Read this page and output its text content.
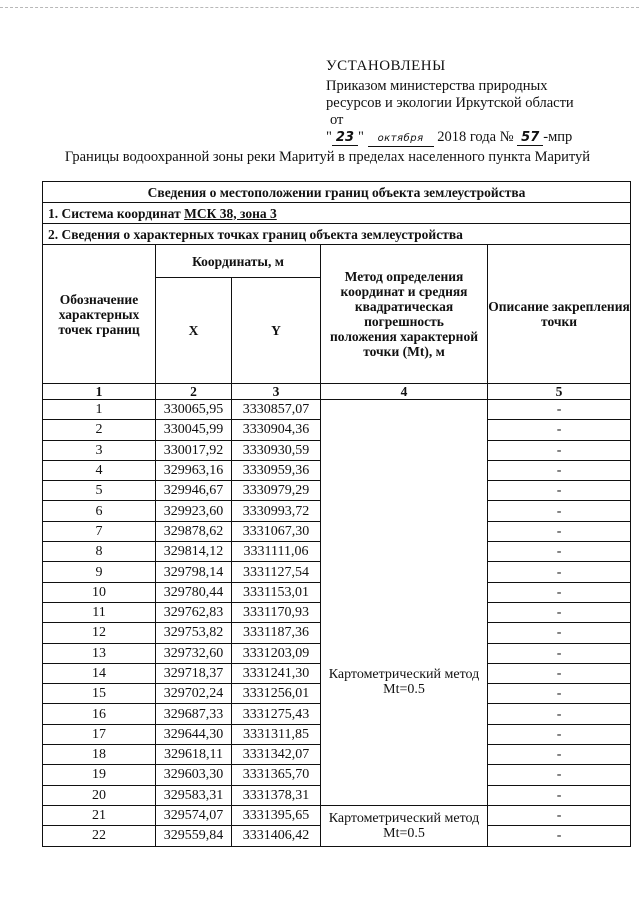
УСТАНОВЛЕНЫ
Приказом министерства природных
ресурсов и экологии Иркутской области
от
" 23 " октября 2018 года № 57 -мпр
Границы водоохранной зоны реки Маритуй в пределах населенного пункта Маритуй
Сведения о местоположении границ объекта землеустройства				
1. Система координат МСК 38, зона 3				
2. Сведения о характерных точках границ объекта землеустройства				
Обозначение характерных точек границ	Координаты, м		Метод определения координат и средняя квадратическая погрешность положения характерной точки (Mt), м	Описание закрепления точки
	X	Y		
1	2	3	4	5
1	330065,95	3330857,07	Картометрический метод Mt=0.5	-
2	330045,99	3330904,36		-
3	330017,92	3330930,59		-
4	329963,16	3330959,36		-
5	329946,67	3330979,29		-
6	329923,60	3330993,72		-
7	329878,62	3331067,30		-
8	329814,12	3331111,06		-
9	329798,14	3331127,54		-
10	329780,44	3331153,01		-
11	329762,83	3331170,93		-
12	329753,82	3331187,36		-
13	329732,60	3331203,09		-
14	329718,37	3331241,30		-
15	329702,24	3331256,01		-
16	329687,33	3331275,43		-
17	329644,30	3331311,85		-
18	329618,11	3331342,07		-
19	329603,30	3331365,70		-
20	329583,31	3331378,31		-
21	329574,07	3331395,65	Картометрический метод Mt=0.5	-
22	329559,84	3331406,42		-
